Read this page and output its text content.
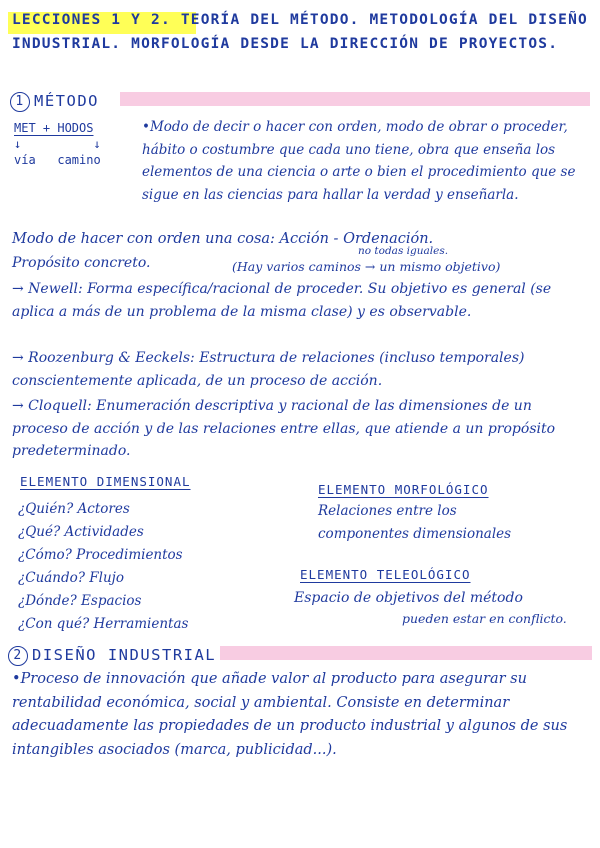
LECCIONES 1 Y 2. TEORÍA DEL MÉTODO. METODOLOGÍA DEL DISEÑO INDUSTRIAL. MORFOLOGÍA DESDE LA DIRECCIÓN DE PROYECTOS.
1 MÉTODO
MET + HODOS
↓          ↓
vía   camino
•Modo de decir o hacer con orden, modo de obrar o proceder, hábito o costumbre que cada uno tiene, obra que enseña los elementos de una ciencia o arte o bien el procedimiento que se sigue en las ciencias para hallar la verdad y enseñarla.
Modo de hacer con orden una cosa: Acción - Ordenación.
Propósito concreto.
no todas iguales.
(Hay varios caminos → un mismo objetivo)
→ Newell: Forma específica/racional de proceder. Su objetivo es general (se aplica a más de un problema de la misma clase) y es observable.
→ Roozenburg & Eeckels: Estructura de relaciones (incluso temporales) conscientemente aplicada, de un proceso de acción.
→ Cloquell: Enumeración descriptiva y racional de las dimensiones de un proceso de acción y de las relaciones entre ellas, que atiende a un propósito predeterminado.
ELEMENTO DIMENSIONAL
¿Quién? Actores
¿Qué? Actividades
¿Cómo? Procedimientos
¿Cuándo? Flujo
¿Dónde? Espacios
¿Con qué? Herramientas
ELEMENTO MORFOLÓGICO
Relaciones entre los componentes dimensionales
ELEMENTO TELEOLÓGICO
Espacio de objetivos del método
pueden estar en conflicto.
2 DISEÑO INDUSTRIAL
•Proceso de innovación que añade valor al producto para asegurar su rentabilidad económica, social y ambiental. Consiste en determinar adecuadamente las propiedades de un producto industrial y algunos de sus intangibles asociados (marca, publicidad...).
